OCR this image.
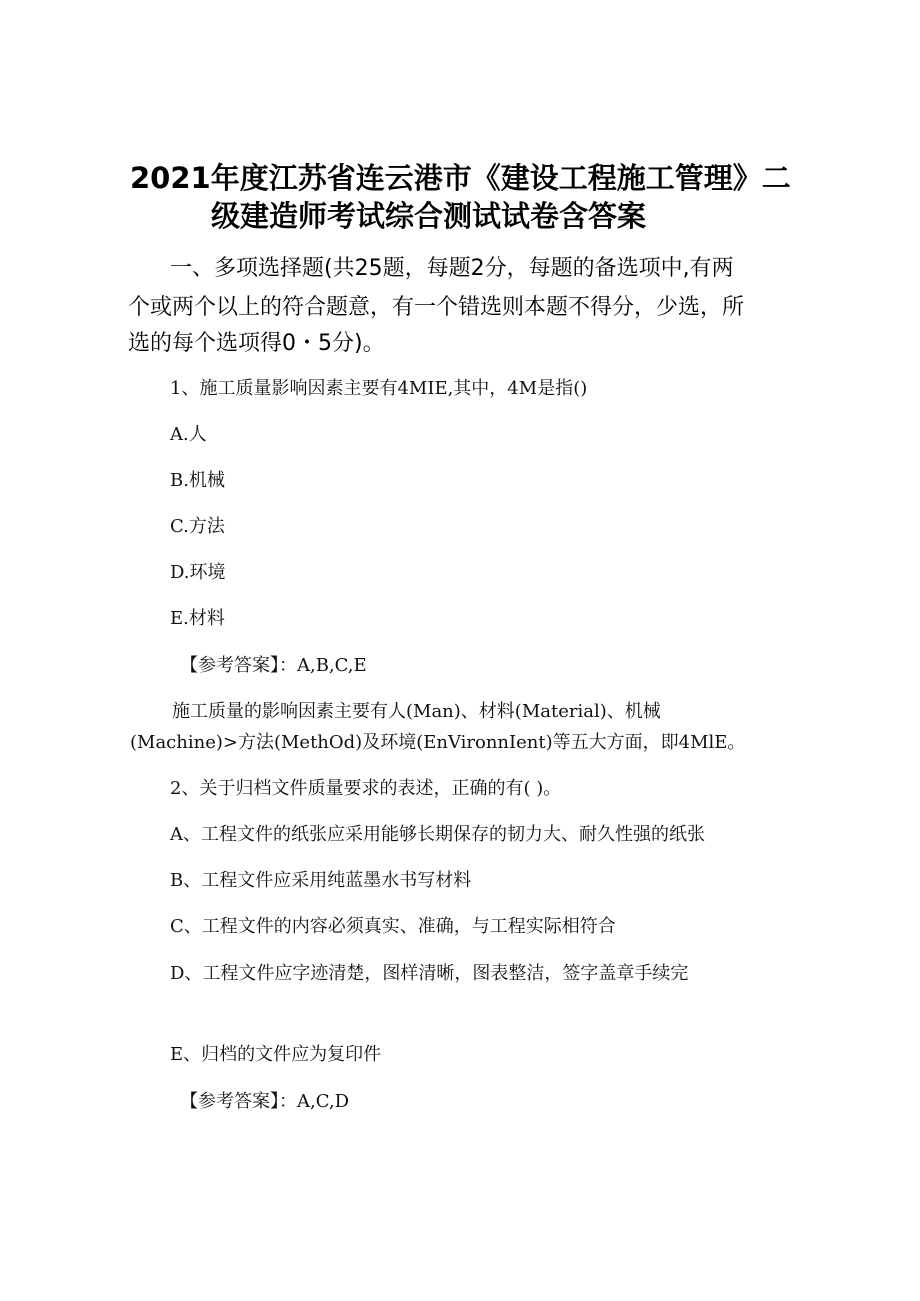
2021年度江苏省连云港市《建设工程施工管理》二
级建造师考试综合测试试卷含答案
一、多项选择题(共25题，每题2分，每题的备选项中,有两
个或两个以上的符合题意，有一个错选则本题不得分，少选，所
选的每个选项得0・5分)。
1、施工质量影响因素主要有4MIE,其中，4M是指()
A.人
B.机械
C.方法
D.环境
E.材料
【参考答案】：A,B,C,E
施工质量的影响因素主要有人(Man)、材料(Material)、机械
(Machine)>方法(MethOd)及环境(EnVironnIent)等五大方面，即4MlE。
2、关于归档文件质量要求的表述，正确的有( )。
A、工程文件的纸张应采用能够长期保存的韧力大、耐久性强的纸张
B、工程文件应采用纯蓝墨水书写材料
C、工程文件的内容必须真实、准确，与工程实际相符合
D、工程文件应字迹清楚，图样清晰，图表整洁，签字盖章手续完
E、归档的文件应为复印件
【参考答案】：A,C,D
